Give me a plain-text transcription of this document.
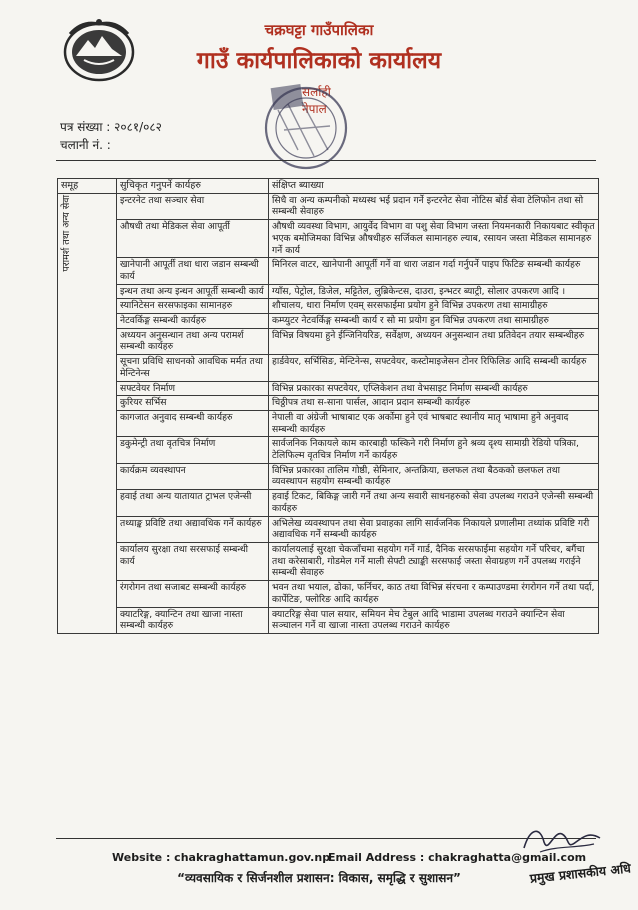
चक्रघट्टा गाउँपालिका
गाउँ कार्यपालिकाको कार्यालय
सर्लाही
नेपाल
पत्र संख्या : २०८१/०८२
चलानी नं. :
समूह	सुचिकृत गनुपर्ने कार्यहरु	संक्षिप्त ब्याख्या
परामर्श तथा अन्य सेवा	इन्टरनेट तथा सञ्चार सेवा	सिधै वा अन्य कम्पनीको मध्यस्थ भई प्रदान गर्ने इन्टरनेट सेवा नोटिस बोर्ड सेवा टेलिफोन तथा सो सम्बन्धी सेवाहरु
	औषधी तथा मेडिकल सेवा आपूर्ती	औषधी व्यवस्था विभाग, आयुर्वेद विभाग वा पशु सेवा विभाग जस्ता नियमनकारी निकायबाट स्वीकृत भएक बमोजिमका विभिन्न औषधीहरु सर्जिकल सामानहरु ल्याब, रसायन जस्ता मेडिकल सामानहरु गर्ने कार्य
	खानेपानी आपूर्ती तथा धारा जडान सम्बन्धी कार्य	मिनिरल वाटर, खानेपानी आपूर्ती गर्ने वा धारा जडान गर्दा गर्नुपर्ने पाइप फिटिङ सम्बन्धी कार्यहरु
	इन्धन तथा अन्य इन्धन आपूर्ती सम्बन्धी कार्य	ग्याँस, पेट्रोल, डिजेल, मट्टितेल, लुब्रिकेन्टस, दाउरा, इन्भटर ब्याट्री, सोलार उपकरण आदि ।
	स्यानिटेसन सरसफाइका सामानहरु	शौचालय, धारा निर्माण एवम् सरसफाईमा प्रयोग हुने विभिन्न उपकरण तथा सामाग्रीहरु
	नेटवर्किङ्ग सम्बन्धी कार्यहरु	कम्प्युटर नेटवर्किङ्ग सम्बन्धी कार्य र सो मा प्रयोग हुन विभिन्न उपकरण तथा सामाग्रीहरु
	अध्ययन अनुसन्धान तथा अन्य परामर्श सम्बन्धी कार्यहरु	विभिन्न विषयमा हुने ईन्जिनियरिङ, सर्वेक्षण, अध्ययन अनुसन्धान तथा प्रतिवेदन तयार सम्बन्धीहरु
	सूचना प्रविधि साधनको आवधिक मर्मत तथा मेन्टिनेन्स	हार्डवेयर, सर्भिसिङ, मेन्टिनेन्स, सफ्टवेयर, कस्टोमाइजेसन टोनर रिफिलिङ आदि सम्बन्धी कार्यहरु
	सफ्टवेयर निर्माण	विभिन्न प्रकारका सफ्टवेयर, एप्लिकेशन तथा वेभसाइट निर्माण सम्बन्धी कार्यहरु
	कुरियर सर्भिस	चिठ्ठीपत्र तथा स-साना पार्सल, आदान प्रदान सम्बन्धी कार्यहरु
	कागजात अनुवाद सम्बन्धी कार्यहरु	नेपाली वा अंग्रेजी भाषाबाट एक अर्कोमा हुने एवं भाषबाट स्थानीय मातृ भाषामा हुने अनुवाद सम्बन्धी कार्यहरु
	डकुमेन्ट्री तथा वृतचित्र निर्माण	सार्वजनिक निकायले काम कारबाही फस्किने गरी निर्माण हुने श्रव्य दृश्य सामाग्री रेडियो पत्रिका, टेलिफिल्म वृतचित्र निर्माण गर्ने कार्यहरु
	कार्यक्रम व्यवस्थापन	विभिन्न प्रकारका तालिम गोष्ठी, सेमिनार, अन्तक्रिया, छलफल तथा बैठकको छलफल तथा व्यवस्थापन सहयोग सम्बन्धी कार्यहरु
	हवाई तथा अन्य यातायात ट्राभल एजेन्सी	हवाई टिकट, बिकिङ्ग जारी गर्ने तथा अन्य सवारी साधनहरुको सेवा उपलब्ध गराउने एजेन्सी सम्बन्धी कार्यहरु
	तथ्याङ्क प्रविष्टि तथा अद्यावधिक गर्ने कार्यहरु	अभिलेख व्यवस्थापन तथा सेवा प्रवाहका लागि सार्वजनिक निकायले प्रणालीमा तथ्यांक प्रविष्टि गरी अद्यावधिक गर्ने सम्बन्धी कार्यहरु
	कार्यालय सुरक्षा तथा सरसफाई सम्बन्धी कार्य	कार्यालयलाई सुरक्षा चेकजाँचमा सहयोग गर्ने गार्ड, दैनिक सरसफाईमा सहयोग गर्ने परिचर, बगैंचा तथा करेसाबारी, गोडमेल गर्ने माली सेफ्टी ट्याङ्की सरसफाई जस्ता सेवाग्रहण गर्ने उपलब्ध गराईने सम्बन्धी सेवाहरु
	रंगरोगन तथा सजाबट सम्बन्धी कार्यहरु	भवन तथा भयाल, ढोका, फर्निचर, काठ तथा विभिन्न संरचना र कम्पाउण्डमा रंगरोगन गर्ने तथा पर्दा, कार्पेटिङ, फ्लोरिङ आदि कार्यहरु
	क्याटरिङ्ग, क्यान्टिन तथा खाजा नास्ता सम्बन्धी कार्यहरु	क्याटरिङ्ग सेवा पाल सयार, समियन मेच टेबुल आदि भाडामा उपलब्ध गराउने क्यान्टिन सेवा सञ्चालन गर्ने वा खाजा नास्ता उपलब्ध गराउने कार्यहरु
Website : chakraghattamun.gov.np
Email Address : chakraghatta@gmail.com
“व्यवसायिक र सिर्जनशील प्रशासन: विकास, समृद्धि र सुशासन”	प्रमुख प्रशासकीय अधि
